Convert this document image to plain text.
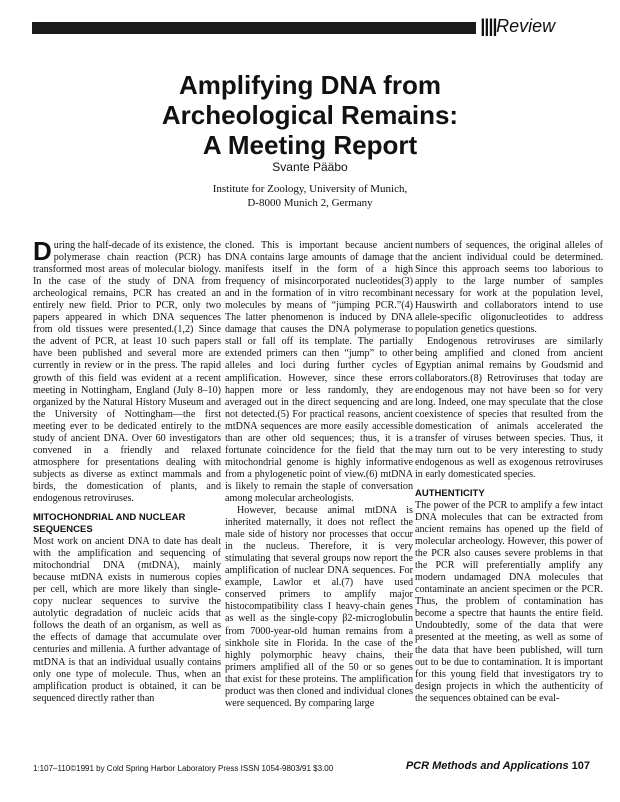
||||Review
Amplifying DNA from
Archeological Remains:
A Meeting Report
Svante Pääbo
Institute for Zoology, University of Munich,
D-8000 Munich 2, Germany

During the half-decade of its existence, the polymerase chain reaction (PCR) has transformed most areas of molecular biology. In the case of the study of DNA from archeological remains, PCR has created an entirely new field. Prior to PCR, only two papers appeared in which DNA sequences from old tissues were presented.(1,2) Since the advent of PCR, at least 10 such papers have been published and several more are currently in review or in the press. The rapid growth of this field was evident at a recent meeting in Nottingham, England (July 8–10) organized by the Natural History Museum and the University of Nottingham—the first meeting ever to be dedicated entirely to the study of ancient DNA. Over 60 investigators convened in a friendly and relaxed atmosphere for presentations dealing with subjects as diverse as extinct mammals and birds, the domestication of plants, and endogenous retroviruses.

MITOCHONDRIAL AND NUCLEAR SEQUENCES

Most work on ancient DNA to date has dealt with the amplification and sequencing of mitochondrial DNA (mtDNA), mainly because mtDNA exists in numerous copies per cell, which are more likely than single-copy nuclear sequences to survive the autolytic degradation of nucleic acids that follows the death of an organism, as well as the effects of damage that accumulate over centuries and millenia. A further advantage of mtDNA is that an individual usually contains only one type of molecule. Thus, when an amplification product is obtained, it can be sequenced directly rather than

cloned. This is important because ancient DNA contains large amounts of damage that manifests itself in the form of a high frequency of misincorporated nucleotides(3) and in the formation of in vitro recombinant molecules by means of “jumping PCR.”(4) The latter phenomenon is induced by DNA damage that causes the DNA polymerase to stall or fall off its template. The partially extended primers can then “jump” to other alleles and loci during further cycles of amplification. However, since these errors happen more or less randomly, they are averaged out in the direct sequencing and are not detected.(5) For practical reasons, ancient mtDNA sequences are more easily accessible than are other old sequences; thus, it is a fortunate coincidence for the field that the mitochondrial genome is highly informative from a phylogenetic point of view.(6) mtDNA is likely to remain the staple of conversation among molecular archeologists.

However, because animal mtDNA is inherited maternally, it does not reflect the male side of history nor processes that occur in the nucleus. Therefore, it is very stimulating that several groups now report the amplification of nuclear DNA sequences. For example, Lawlor et al.(7) have used conserved primers to amplify major histocompatibility class I heavy-chain genes as well as the single-copy β2-microglobulin from 7000-year-old human remains from a sinkhole site in Florida. In the case of the highly polymorphic heavy chains, their primers amplified all of the 50 or so genes that exist for these proteins. The amplification product was then cloned and individual clones were sequenced. By comparing large

numbers of sequences, the original alleles of the ancient individual could be determined. Since this approach seems too laborious to apply to the large number of samples necessary for work at the population level, Hauswirth and collaborators intend to use allele-specific oligonucleotides to address population genetics questions.

Endogenous retroviruses are similarly being amplified and cloned from ancient Egyptian animal remains by Goudsmid and collaborators.(8) Retroviruses that today are endogenous may not have been so for very long. Indeed, one may speculate that the close coexistence of species that resulted from the domestication of animals accelerated the transfer of viruses between species. Thus, it may turn out to be very interesting to study endogenous as well as exogenous retroviruses in early domesticated species.

AUTHENTICITY

The power of the PCR to amplify a few intact DNA molecules that can be extracted from ancient remains has opened up the field of molecular archeology. However, this power of the PCR also causes severe problems in that the PCR will preferentially amplify any modern undamaged DNA molecules that contaminate an ancient specimen or the PCR. Thus, the problem of contamination has become a spectre that haunts the entire field. Undoubtedly, some of the data that were presented at the meeting, as well as some of the data that have been published, will turn out to be due to contamination. It is important for this young field that investigators try to design projects in which the authenticity of the sequences obtained can be eval-

1:107–110©1991 by Cold Spring Harbor Laboratory Press ISSN 1054-9803/91 $3.00	PCR Methods and Applications 107
